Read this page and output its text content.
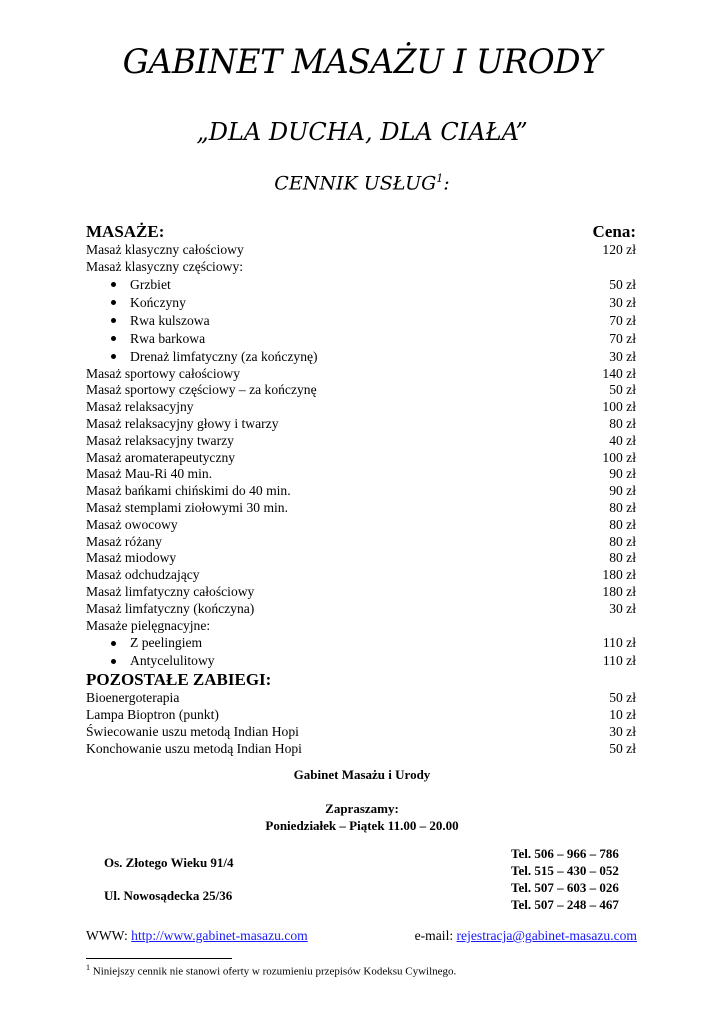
GABINET MASAŻU I URODY
„DLA DUCHA, DLA CIAŁA”
CENNIK USŁUG$^1$:
MASAŻE:	Cena:
Masaż klasyczny całościowy	120 zł
Masaż klasyczny częściowy:
Grzbiet	50 zł
Kończyny	30 zł
Rwa kulszowa	70 zł
Rwa barkowa	70 zł
Drenaż limfatyczny (za kończynę)	30 zł
Masaż sportowy całościowy	140 zł
Masaż sportowy częściowy – za kończynę	50 zł
Masaż relaksacyjny	100 zł
Masaż relaksacyjny głowy i twarzy	80 zł
Masaż relaksacyjny twarzy	40 zł
Masaż aromaterapeutyczny	100 zł
Masaż Mau-Ri 40 min.	90 zł
Masaż bańkami chińskimi do 40 min.	90 zł
Masaż stemplami ziołowymi 30 min.	80 zł
Masaż owocowy	80 zł
Masaż różany	80 zł
Masaż miodowy	80 zł
Masaż odchudzający	180 zł
Masaż limfatyczny całościowy	180 zł
Masaż limfatyczny (kończyna)	30 zł
Masaże pielęgnacyjne:
Z peelingiem	110 zł
Antycelulitowy	110 zł
POZOSTAŁE ZABIEGI:
Bioenergoterapia	50 zł
Lampa Bioptron (punkt)	10 zł
Świecowanie uszu metodą Indian Hopi	30 zł
Konchowanie uszu metodą Indian Hopi	50 zł
Gabinet Masażu i Urody
Zapraszamy:
Poniedziałek – Piątek 11.00 – 20.00
Os. Złotego Wieku 91/4
Ul. Nowosądecka 25/36
Tel. 506 – 966 – 786
Tel. 515 – 430 – 052
Tel. 507 – 603 – 026
Tel. 507 – 248 – 467
WWW: http://www.gabinet-masazu.com	e-mail: rejestracja@gabinet-masazu.com
$^1$ Niniejszy cennik nie stanowi oferty w rozumieniu przepisów Kodeksu Cywilnego.
